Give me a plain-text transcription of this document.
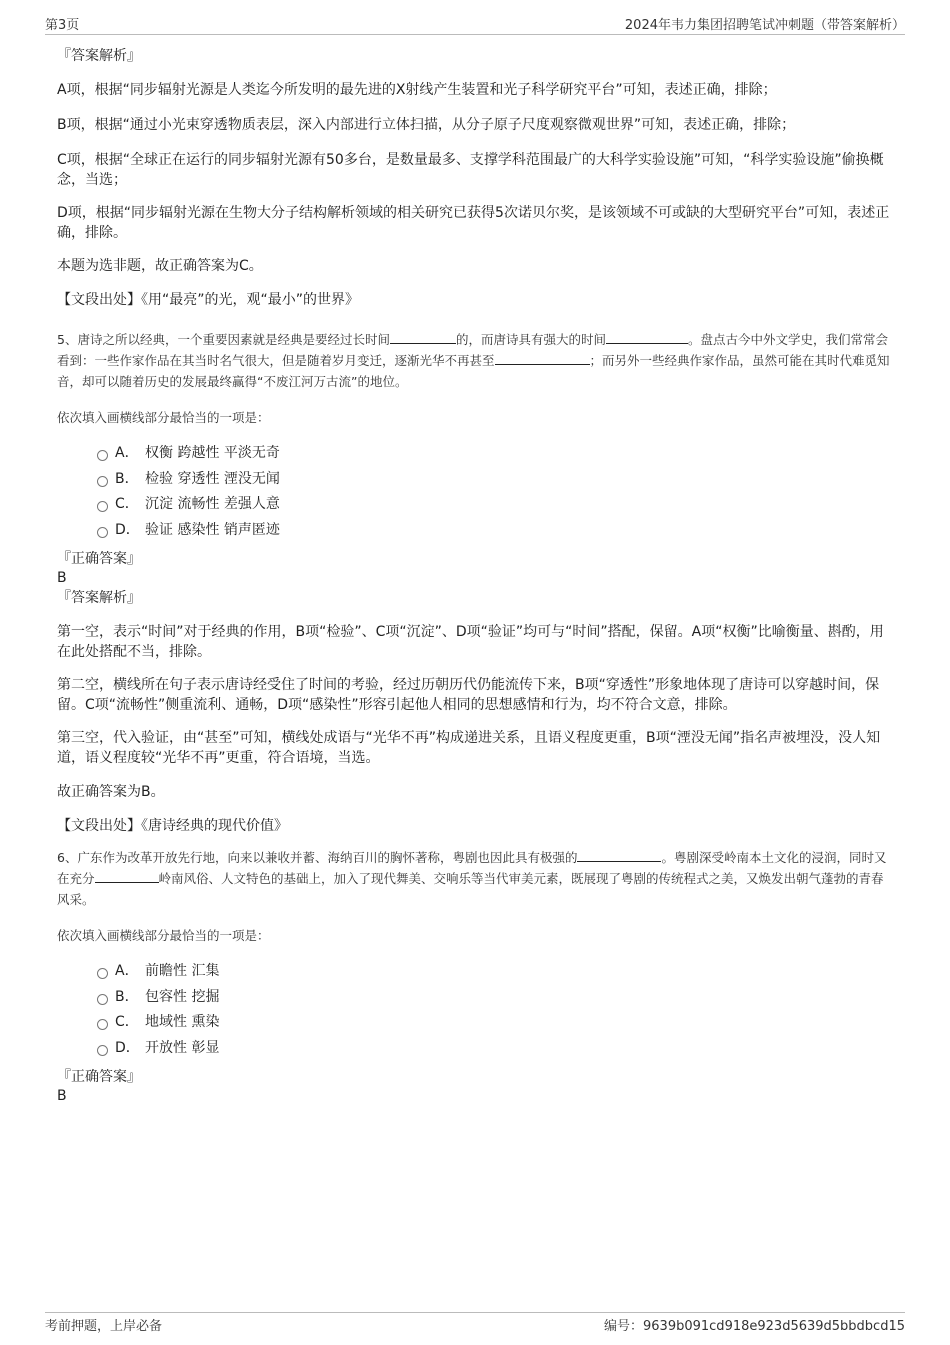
第3页	2024年韦力集团招聘笔试冲刺题（带答案解析）

『答案解析』

A项，根据“同步辐射光源是人类迄今所发明的最先进的X射线产生装置和光子科学研究平台”可知，表述正确，排除；

B项，根据“通过小光束穿透物质表层，深入内部进行立体扫描，从分子原子尺度观察微观世界”可知，表述正确，排除；

C项，根据“全球正在运行的同步辐射光源有50多台，是数量最多、支撑学科范围最广的大科学实验设施”可知，“科学实验设施”偷换概念，当选；

D项，根据“同步辐射光源在生物大分子结构解析领域的相关研究已获得5次诺贝尔奖，是该领域不可或缺的大型研究平台”可知，表述正确，排除。

本题为选非题，故正确答案为C。

【文段出处】《用“最亮”的光，观“最小”的世界》

5、唐诗之所以经典，一个重要因素就是经典是要经过长时间	的，而唐诗具有强大的时间	。盘点古今中外文学史，我们常常会看到：一些作家作品在其当时名气很大，但是随着岁月变迁，逐渐光华不再甚至	；而另外一些经典作家作品，虽然可能在其时代难觅知音，却可以随着历史的发展最终赢得“不废江河万古流”的地位。

依次填入画横线部分最恰当的一项是：

A． 权衡 跨越性 平淡无奇
B． 检验 穿透性 湮没无闻
C． 沉淀 流畅性 差强人意
D． 验证 感染性 销声匿迹

『正确答案』

B

『答案解析』

第一空，表示“时间”对于经典的作用，B项“检验”、C项“沉淀”、D项“验证”均可与“时间”搭配，保留。A项“权衡”比喻衡量、斟酌，用在此处搭配不当，排除。

第二空，横线所在句子表示唐诗经受住了时间的考验，经过历朝历代仍能流传下来，B项“穿透性”形象地体现了唐诗可以穿越时间，保留。C项“流畅性”侧重流利、通畅，D项“感染性”形容引起他人相同的思想感情和行为，均不符合文意，排除。

第三空，代入验证，由“甚至”可知，横线处成语与“光华不再”构成递进关系，且语义程度更重，B项“湮没无闻”指名声被埋没，没人知道，语义程度较“光华不再”更重，符合语境，当选。

故正确答案为B。

【文段出处】《唐诗经典的现代价值》

6、广东作为改革开放先行地，向来以兼收并蓄、海纳百川的胸怀著称，粤剧也因此具有极强的	。粤剧深受岭南本土文化的浸润，同时又在充分	岭南风俗、人文特色的基础上，加入了现代舞美、交响乐等当代审美元素，既展现了粤剧的传统程式之美，又焕发出朝气蓬勃的青春风采。

依次填入画横线部分最恰当的一项是：

A． 前瞻性 汇集
B． 包容性 挖掘
C． 地域性 熏染
D． 开放性 彰显

『正确答案』

B

考前押题，上岸必备	编号：9639b091cd918e923d5639d5bbdbcd15
